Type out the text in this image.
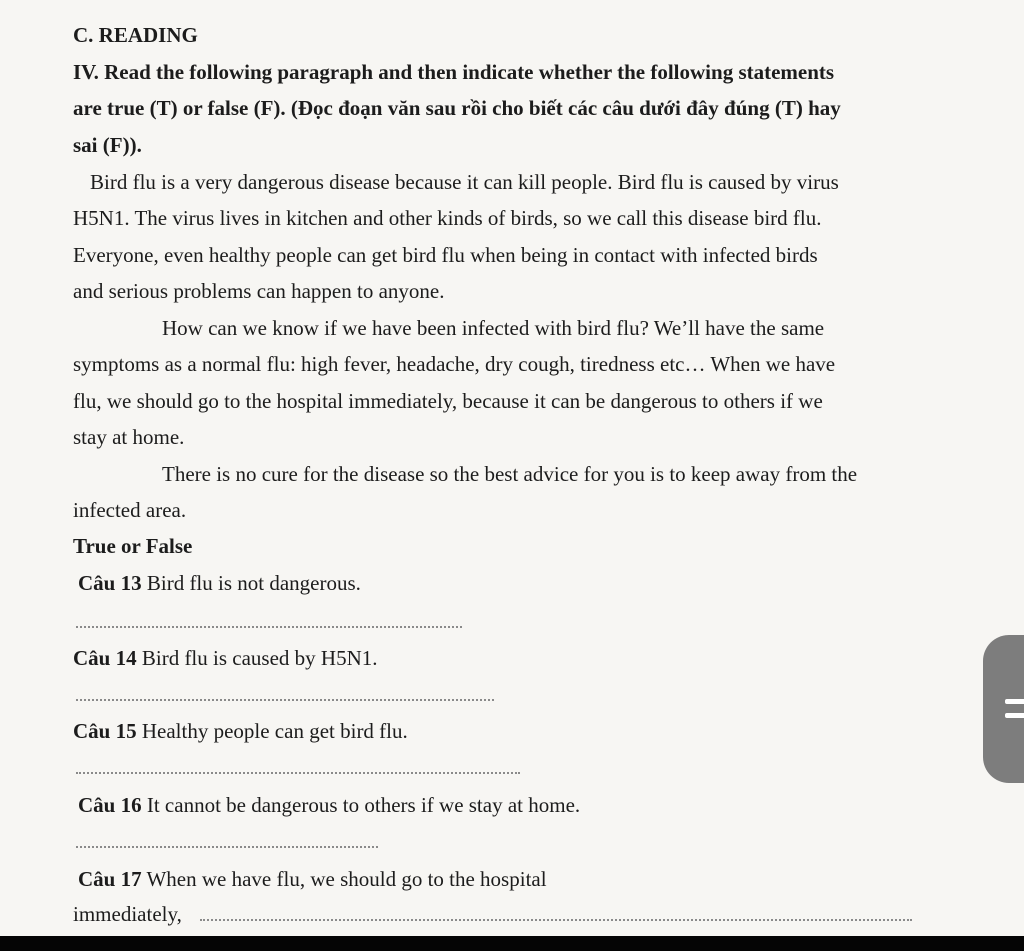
C. READING
IV. Read the following paragraph and then indicate whether the following statements
are true (T) or false (F). (Đọc đoạn văn sau rồi cho biết các câu dưới đây đúng (T) hay
sai (F)).
Bird flu is a very dangerous disease because it can kill people. Bird flu is caused by virus
H5N1. The virus lives in kitchen and other kinds of birds, so we call this disease bird flu.
Everyone, even healthy people can get bird flu when being in contact with infected birds
and serious problems can happen to anyone.
How can we know if we have been infected with bird flu? We’ll have the same
symptoms as a normal flu: high fever, headache, dry cough, tiredness etc… When we have
flu, we should go to the hospital immediately, because it can be dangerous to others if we
stay at home.
There is no cure for the disease so the best advice for you is to keep away from the
infected area.
True or False
Câu 13 Bird flu is not dangerous.
Câu 14 Bird flu is caused by H5N1.
Câu 15 Healthy people can get bird flu.
Câu 16 It cannot be dangerous to others if we stay at home.
Câu 17 When we have flu, we should go to the hospital
immediately,
